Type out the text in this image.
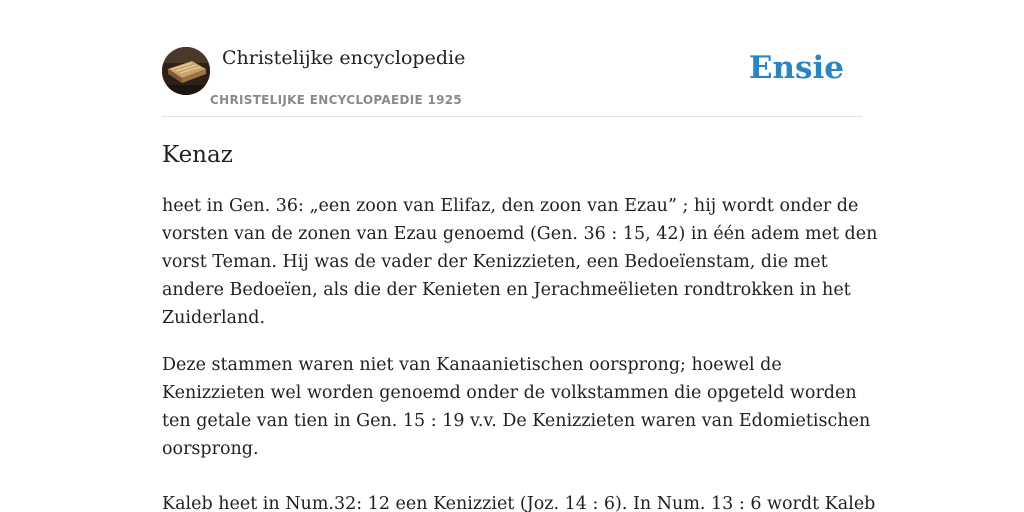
Christelijke encyclopedie
CHRISTELIJKE ENCYCLOPAEDIE 1925
Ensie
Kenaz

heet in Gen. 36: „een zoon van Elifaz, den zoon van Ezau” ; hij wordt onder de
vorsten van de zonen van Ezau genoemd (Gen. 36 : 15, 42) in één adem met den
vorst Teman. Hij was de vader der Kenizzieten, een Bedoeïenstam, die met
andere Bedoeïen, als die der Kenieten en Jerachmeëlieten rondtrokken in het
Zuiderland.

Deze stammen waren niet van Kanaanietischen oorsprong; hoewel de
Kenizzieten wel worden genoemd onder de volkstammen die opgeteld worden
ten getale van tien in Gen. 15 : 19 v.v. De Kenizzieten waren van Edomietischen
oorsprong.

Kaleb heet in Num.32: 12 een Kenizziet (Joz. 14 : 6). In Num. 13 : 6 wordt Kaleb
